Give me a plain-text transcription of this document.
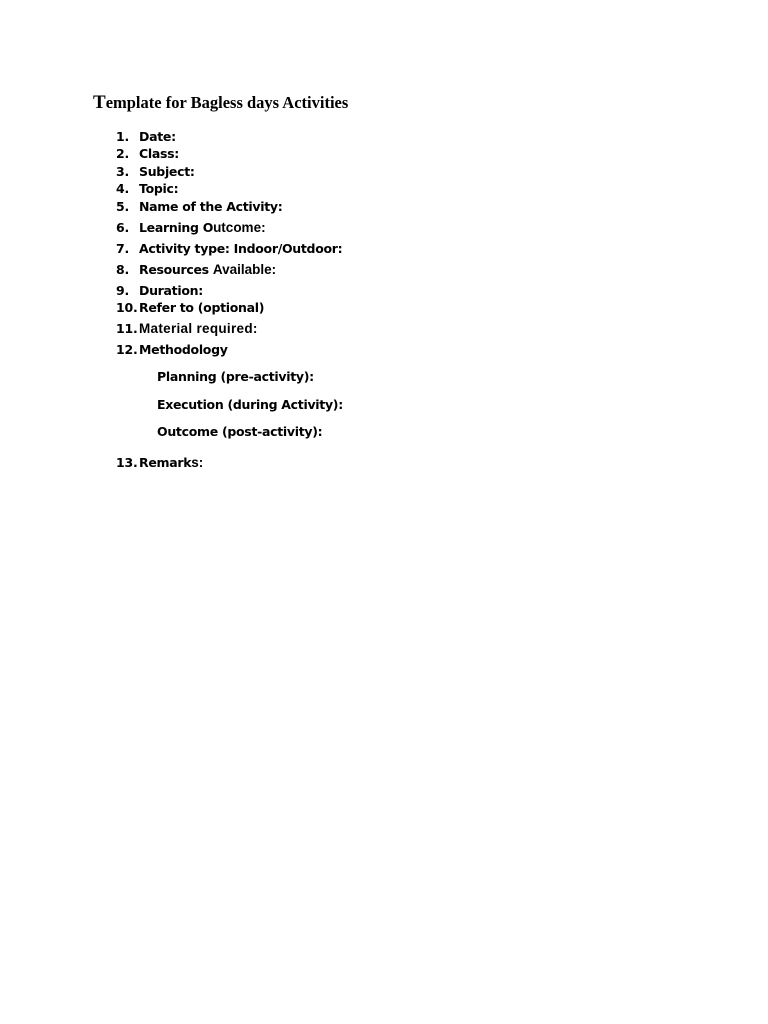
Template for Bagless days Activities
1. Date:
2. Class:
3. Subject:
4. Topic:
5. Name of the Activity:
6. Learning Outcome:
7. Activity type: Indoor/Outdoor:
8. Resources Available:
9. Duration:
10. Refer to (optional)
11. Material required:
12. Methodology
Planning (pre-activity):
Execution (during Activity):
Outcome (post-activity):
13. Remarks:
